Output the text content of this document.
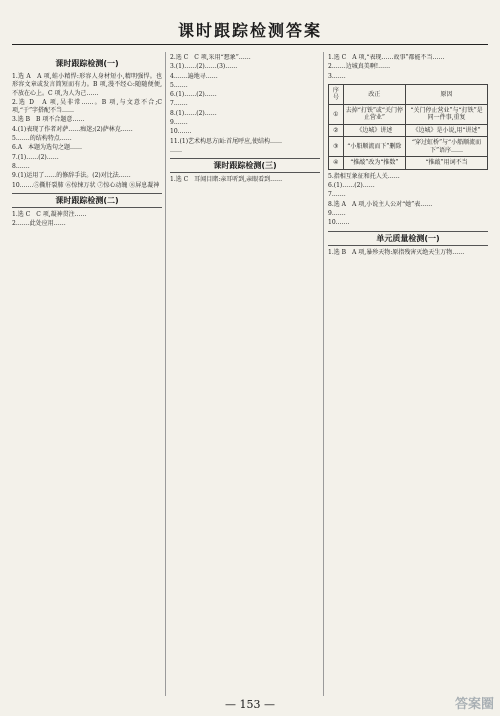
课时跟踪检测答案
课时跟踪检测(一)
1.选 A　A 项,蛙小精悍:形容人身材短小,精明强悍。也形容文章或发言简短而有力。B 项,漫不经心:随随便便,不放在心上。C 项,为人为己……
2.选 D　A 项,吴非常……。B 项,与文意不合;C 项,“于”字搭配不当……
3.选 B　B 项不合题意……
4.(1)表现了作者对萨……痴迷;(2)萨林克……
5.……的结构特点……
6.A　本题为选句之题……
7.(1)……(2)……
8.……
9.(1)运用了……的修辞手法。(2)对比法……
10.……⑤撕肝裂肺 ⑥惊悚万状 ⑦惊心动魄 ⑧屏息凝神
课时跟踪检测(二)
1.选 C　C 项,凝神贯注……
2.……此处应用……
2.选 C　C 项,采用“想象”……
3.(1)……(2)……(3)……
4.……遍地寻……
5.……
6.(1)……(2)……
7.……
8.(1)……(2)……
9.……
10.……
11.(1)艺术构思方面:首尾呼应,使结构……
……
课时跟踪检测(三)
1.选 C　耳闻目睹:亲耳听到,亲眼看到……
1.选 C　A 项,“表现……故事”都能不当……
2.……边城真美啊!……
3.……
序号	改正	原因
①	去掉“打铁”或“关门停止营业”	“关门停止营业”与“打铁”是同一件事,重复
②	《边城》讲述	《边城》是小说,用“讲述”
③	“小船顺流而下”删除	“穿过虹桥”与“小船顺流而下”语序……
④	“推敲”改为“推数”	“推敲”用词不当
5.指相互象征和托人关……
6.(1)……(2)……
7.……
8.选 A　A 项,小说主人公对“她”表……
9.……
10.……
单元质量检测(一)
1.选 B　A 项,暴殄天物:原指残害灭绝天生万物……
— 153 —	答案圈
